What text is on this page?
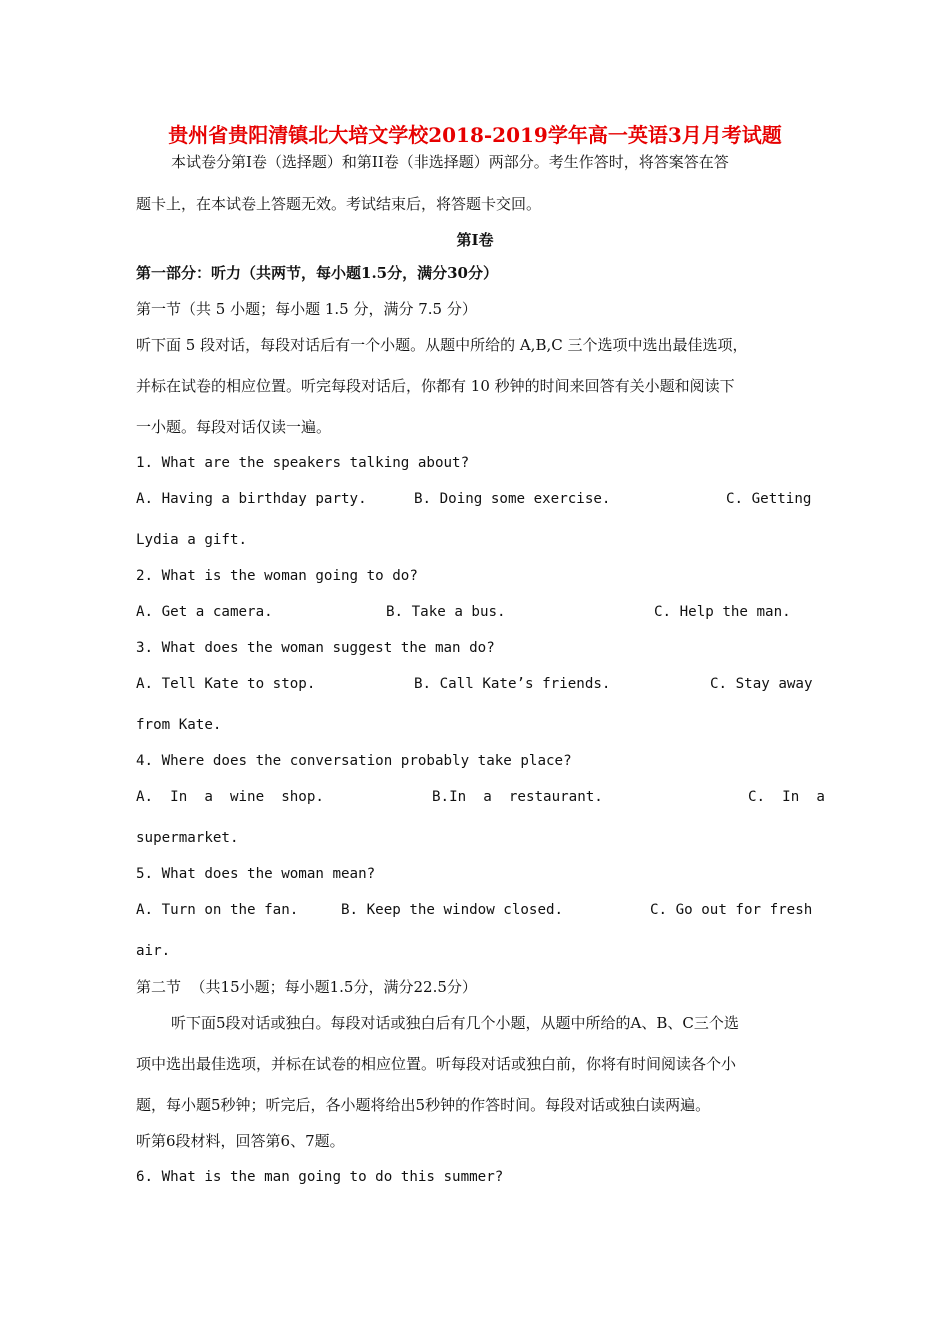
贵州省贵阳清镇北大培文学校2018-2019学年高一英语3月月考试题
本试卷分第Ⅰ卷（选择题）和第II卷（非选择题）两部分。考生作答时，将答案答在答
题卡上，在本试卷上答题无效。考试结束后，将答题卡交回。
第Ⅰ卷
第一部分：听力（共两节，每小题1.5分，满分30分）
第一节（共 5 小题；每小题 1.5 分，满分 7.5 分）
听下面 5 段对话，每段对话后有一个小题。从题中所给的 A,B,C 三个选项中选出最佳选项，
并标在试卷的相应位置。听完每段对话后，你都有 10 秒钟的时间来回答有关小题和阅读下
一小题。每段对话仅读一遍。
1. What are the speakers talking about?
A. Having a birthday party.	B. Doing some exercise.	C. Getting
Lydia a gift.
2. What is the woman going to do?
A. Get a camera.	B. Take a bus.	C. Help the man.
3. What does the woman suggest the man do?
A. Tell Kate to stop.	B. Call Kate’s friends.	C. Stay away
from Kate.
4. Where does the conversation probably take place?
A.  In  a  wine  shop.	B.In  a  restaurant.	C.  In  a
supermarket.
5. What does the woman mean?
A. Turn on the fan.	B. Keep the window closed.	C. Go out for fresh
air.
第二节  （共15小题；每小题1.5分，满分22.5分）
听下面5段对话或独白。每段对话或独白后有几个小题，从题中所给的A、B、C三个选
项中选出最佳选项，并标在试卷的相应位置。听每段对话或独白前，你将有时间阅读各个小
题，每小题5秒钟；听完后，各小题将给出5秒钟的作答时间。每段对话或独白读两遍。
听第6段材料，回答第6、7题。
6. What is the man going to do this summer?
